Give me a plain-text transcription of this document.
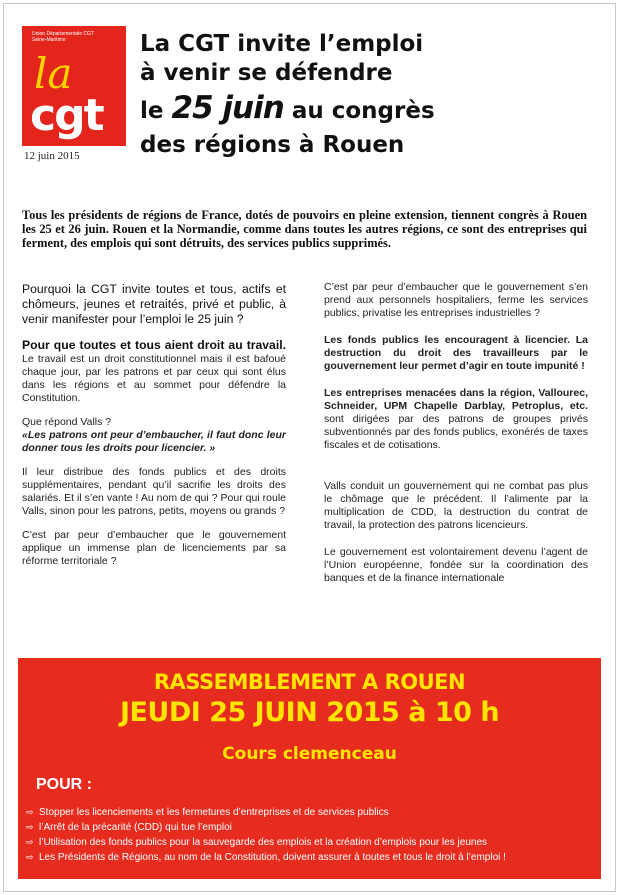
Union Départementale CGT
Seine-Maritime
la
cgt
12 juin 2015
La CGT invite l’emploi
à venir se défendre
le 25 juin au congrès
des régions à Rouen
Tous les présidents de régions de France, dotés de pouvoirs en pleine extension, tiennent congrès à Rouen les 25 et 26 juin. Rouen et la Normandie, comme dans toutes les autres régions, ce sont des entreprises qui ferment, des emplois qui sont détruits, des services publics supprimés.

Pourquoi la CGT invite toutes et tous, actifs et chômeurs, jeunes et retraités, privé et public, à venir manifester pour l’emploi le 25 juin ?

Pour que toutes et tous aient droit au travail. Le travail est un droit constitutionnel mais il est bafoué chaque jour, par les patrons et par ceux qui sont élus dans les régions et au sommet pour défendre la Constitution.

Que répond Valls ?

«Les patrons ont peur d’embaucher, il faut donc leur donner tous les droits pour licencier. »

Il leur distribue des fonds publics et des droits supplémentaires, pendant qu’il sacrifie les droits des salariés. Et il s’en vante ! Au nom de qui ? Pour qui roule Valls, sinon pour les patrons, petits, moyens ou grands ?

C’est par peur d’embaucher que le gouvernement applique un immense plan de licenciements par sa réforme territoriale ?

C’est par peur d’embaucher que le gouvernement s’en prend aux personnels hospitaliers, ferme les services publics, privatise les entreprises industrielles ?

Les fonds publics les encouragent à licencier. La destruction du droit des travailleurs par le gouvernement leur permet d’agir en toute impunité !

Les entreprises menacées dans la région, Vallourec, Schneider, UPM Chapelle Darblay, Petroplus, etc. sont dirigées par des patrons de groupes privés subventionnés par des fonds publics, exonérés de taxes fiscales et de cotisations.

Valls conduit un gouvernement qui ne combat pas plus le chômage que le précédent. Il l’alimente par la multiplication de CDD, la destruction du contrat de travail, la protection des patrons licencieurs.

Le gouvernement est volontairement devenu l’agent de l’Union européenne, fondée sur la coordination des banques et de la finance internationale

RASSEMBLEMENT A ROUEN
JEUDI 25 JUIN 2015 à 10 h
Cours clemenceau
POUR :
⇨ Stopper les licenciements et les fermetures d’entreprises et de services publics
⇨ l’Arrêt de la précarité (CDD) qui tue l’emploi
⇨ l’Utilisation des fonds publics pour la sauvegarde des emplois et la création d’emplois pour les jeunes
⇨ Les Présidents de Régions, au nom de la Constitution, doivent assurer à toutes et tous le droit à l’emploi !
